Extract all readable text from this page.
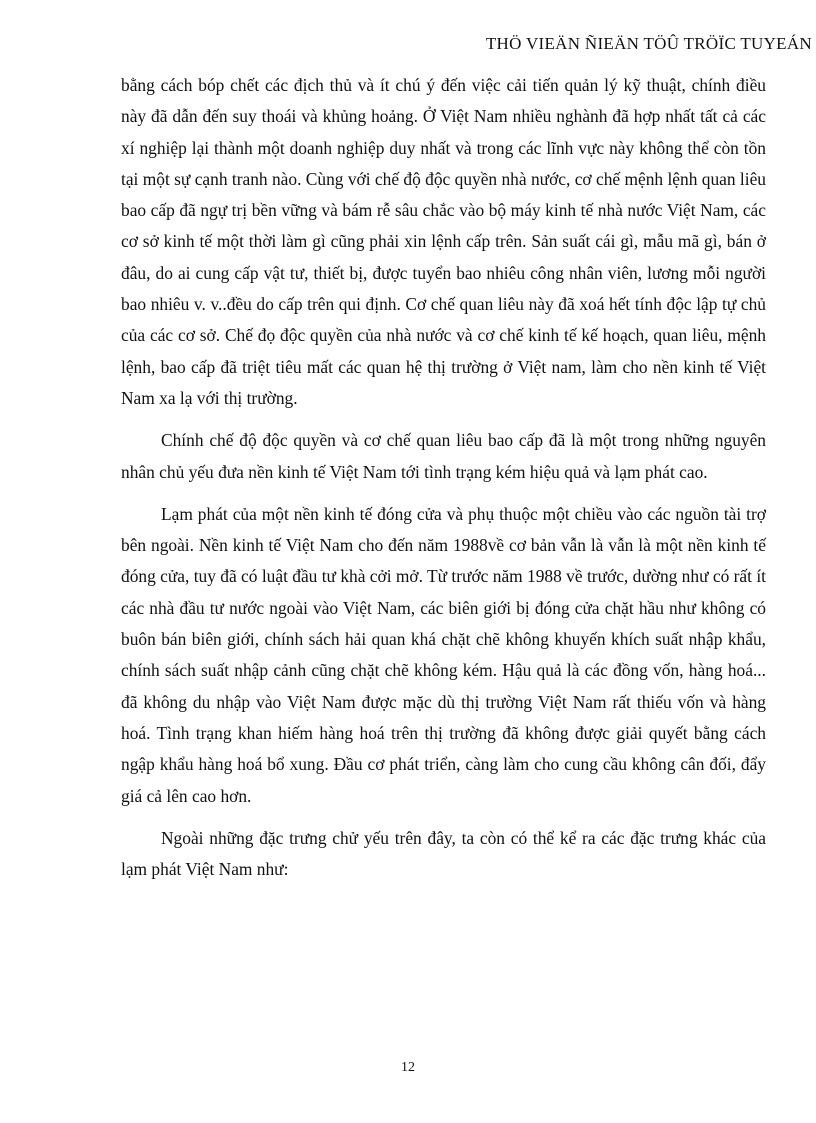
THÖ VIEÄN ÑIEÄN TÖÛ TRÖÏC TUYEÁN

bằng cách bóp chết các địch thủ và ít chú ý đến việc cải tiến quản lý kỹ thuật, chính điều này đã dẫn đến suy thoái và khủng hoảng. Ở Việt Nam nhiều nghành đã hợp nhất tất cả các xí nghiệp lại thành một doanh nghiệp duy nhất và trong các lĩnh vực này không thể còn tồn tại một sự cạnh tranh nào. Cùng với chế độ độc quyền nhà nước, cơ chế mệnh lệnh quan liêu bao cấp đã ngự trị bền vững và bám rễ sâu chắc vào bộ máy kinh tế nhà nước Việt Nam, các cơ sở kinh tế một thời làm gì cũng phải xin lệnh cấp trên. Sản suất cái gì, mẫu mã gì, bán ở đâu, do ai cung cấp vật tư, thiết bị, được tuyển bao nhiêu công nhân viên, lương mỗi người bao nhiêu v. v..đều do cấp trên qui định. Cơ chế quan liêu này đã xoá hết tính độc lập tự chủ của các cơ sở. Chế đọ độc quyền của nhà nước và cơ chế kinh tế kế hoạch, quan liêu, mệnh lệnh, bao cấp đã triệt tiêu mất các quan hệ thị trường ở Việt nam, làm cho nền kinh tế Việt Nam xa lạ với thị trường.

Chính chế độ độc quyền và cơ chế quan liêu bao cấp đã là một trong những nguyên nhân chủ yếu đưa nền kinh tế Việt Nam tới tình trạng kém hiệu quả và lạm phát cao.

Lạm phát của một nền kinh tế đóng cửa và phụ thuộc một chiều vào các nguồn tài trợ bên ngoài. Nền kinh tế Việt Nam cho đến năm 1988về cơ bản vẫn là vẫn là một nền kinh tế đóng cửa, tuy đã có luật đầu tư khà cởi mở. Từ trước năm 1988 về trước, dường như có rất ít các nhà đầu tư nước ngoài vào Việt Nam, các biên giới bị đóng cửa chặt hầu như không có buôn bán biên giới, chính sách hải quan khá chặt chẽ không khuyến khích suất nhập khẩu, chính sách suất nhập cảnh cũng chặt chẽ không kém. Hậu quả là các đồng vốn, hàng hoá... đã không du nhập vào Việt Nam được mặc dù thị trường Việt Nam rất thiếu vốn và hàng hoá. Tình trạng khan hiếm hàng hoá trên thị trường đã không được giải quyết bằng cách ngập khẩu hàng hoá bổ xung. Đầu cơ phát triển, càng làm cho cung cầu không cân đối, đẩy giá cả lên cao hơn.

Ngoài những đặc trưng chử yếu trên đây, ta còn có thể kể ra các đặc trưng khác của lạm phát Việt Nam như:

12
